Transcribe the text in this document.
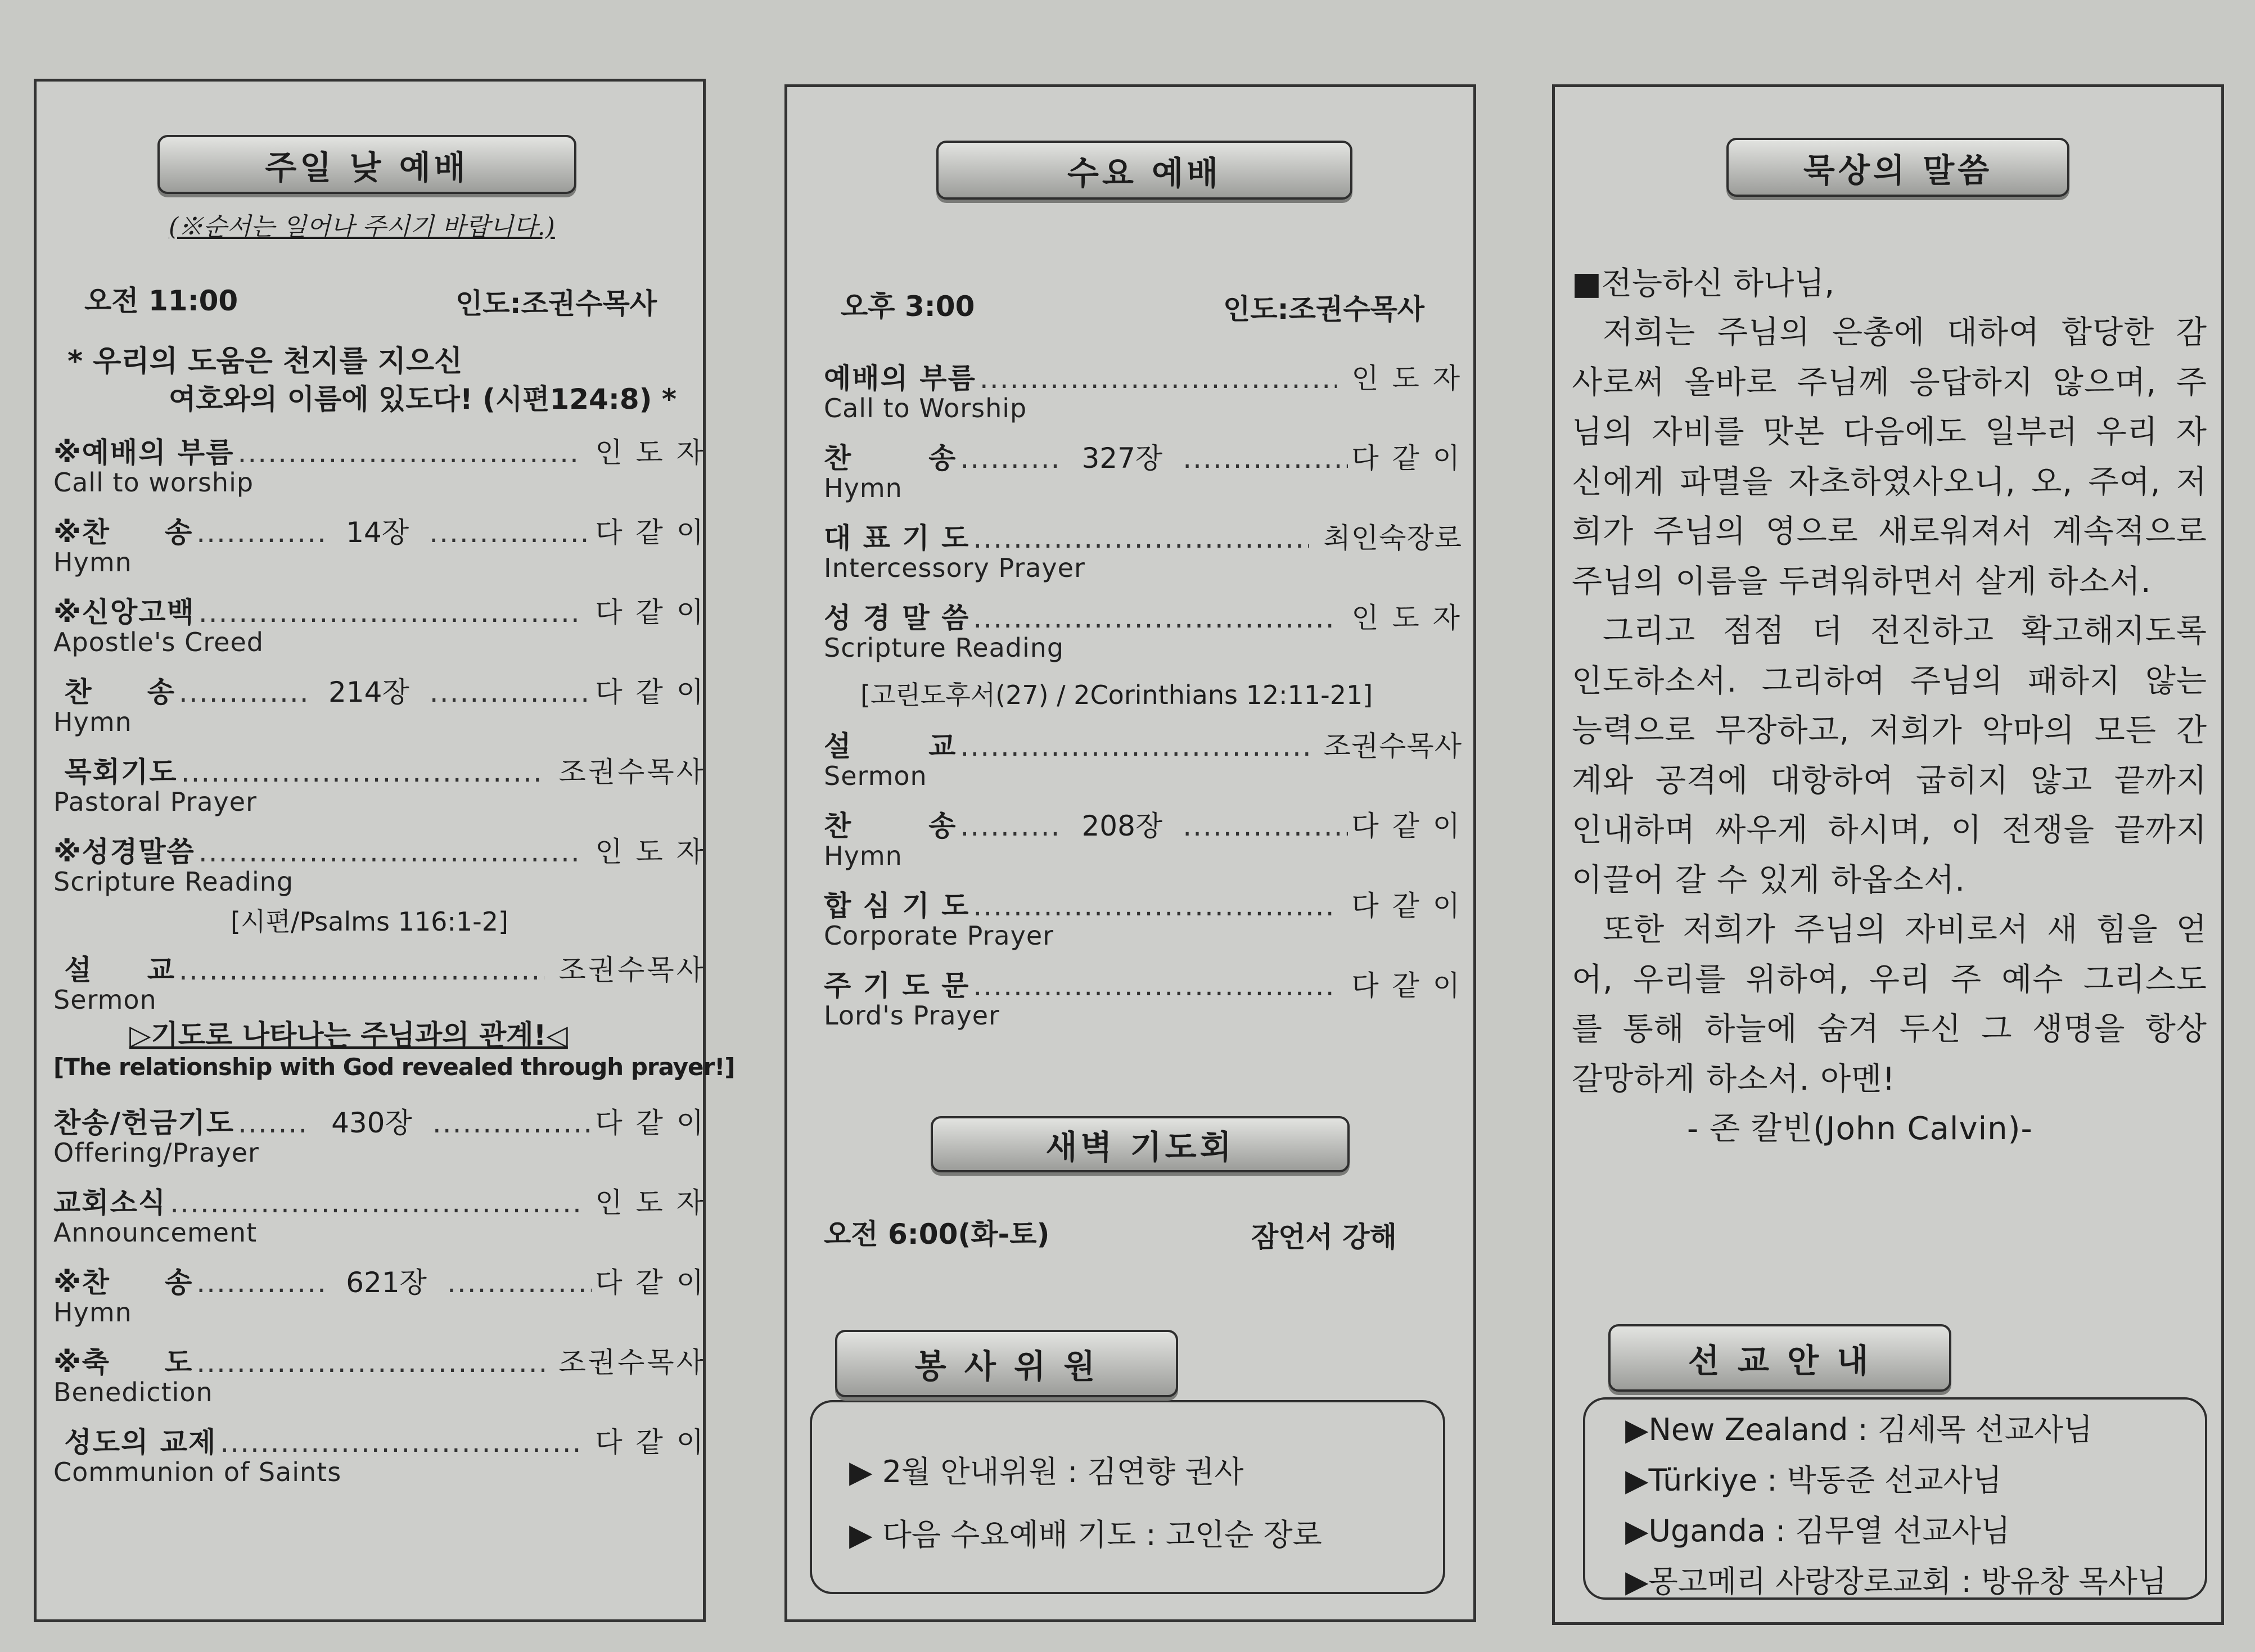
주일 낮 예배
(※순서는 일어나 주시기 바랍니다.)
오전 11:00	인도:조권수목사
* 우리의 도움은 천지를 지으신
여호와의 이름에 있도다! (시편124:8) *
※예배의 부름 .....	인 도 자
Call to worship
※찬     송 .....	14장 .....	다 같 이
Hymn
※신앙고백 .....	다 같 이
Apostle's Creed
찬     송 .....	214장 .....	다 같 이
Hymn
목회기도 .....	조권수목사
Pastoral Prayer
※성경말씀 .....	인 도 자
Scripture Reading
[시편/Psalms 116:1-2]
설     교 .....	조권수목사
Sermon
▷기도로 나타나는 주님과의 관계!◁
[The relationship with God revealed through prayer!]
찬송/헌금기도 .....	430장 .....	다 같 이
Offering/Prayer
교회소식 .....	인 도 자
Announcement
※찬     송 .....	621장 .....	다 같 이
Hymn
※축     도 .....	조권수목사
Benediction
성도의 교제 .....	다 같 이
Communion of Saints
수요 예배
오후 3:00	인도:조권수목사
예배의 부름 .....	인 도 자
Call to Worship
찬       송 .....	327장 .....	다 같 이
Hymn
대 표 기 도 .....	최인숙장로
Intercessory Prayer
성 경 말 씀 .....	인 도 자
Scripture Reading
[고린도후서(27) / 2Corinthians 12:11-21]
설       교 .....	조권수목사
Sermon
찬       송 .....	208장 .....	다 같 이
Hymn
합 심 기 도 .....	다 같 이
Corporate Prayer
주 기 도 문 .....	다 같 이
Lord's Prayer
새벽 기도회
오전 6:00(화-토)	잠언서 강해
봉 사 위 원
▶ 2월 안내위원 : 김연향 권사
▶ 다음 수요예배 기도 : 고인순 장로
묵상의 말씀
■전능하신 하나님,
저희는 주님의 은총에 대하여 합당한 감
사로써 올바로 주님께 응답하지 않으며, 주
님의 자비를 맛본 다음에도 일부러 우리 자
신에게 파멸을 자초하였사오니, 오, 주여, 저
희가 주님의 영으로 새로워져서 계속적으로
주님의 이름을 두려워하면서 살게 하소서.
그리고 점점 더 전진하고 확고해지도록
인도하소서. 그리하여 주님의 패하지 않는
능력으로 무장하고, 저희가 악마의 모든 간
계와 공격에 대항하여 굽히지 않고 끝까지
인내하며 싸우게 하시며, 이 전쟁을 끝까지
이끌어 갈 수 있게 하옵소서.
또한 저희가 주님의 자비로서 새 힘을 얻
어, 우리를 위하여, 우리 주 예수 그리스도
를 통해 하늘에 숨겨 두신 그 생명을 항상
갈망하게 하소서. 아멘!
- 존 칼빈(John Calvin)-
선 교 안 내
▶New Zealand : 김세목 선교사님
▶Türkiye : 박동준 선교사님
▶Uganda : 김무열 선교사님
▶몽고메리 사랑장로교회 : 방유창 목사님
